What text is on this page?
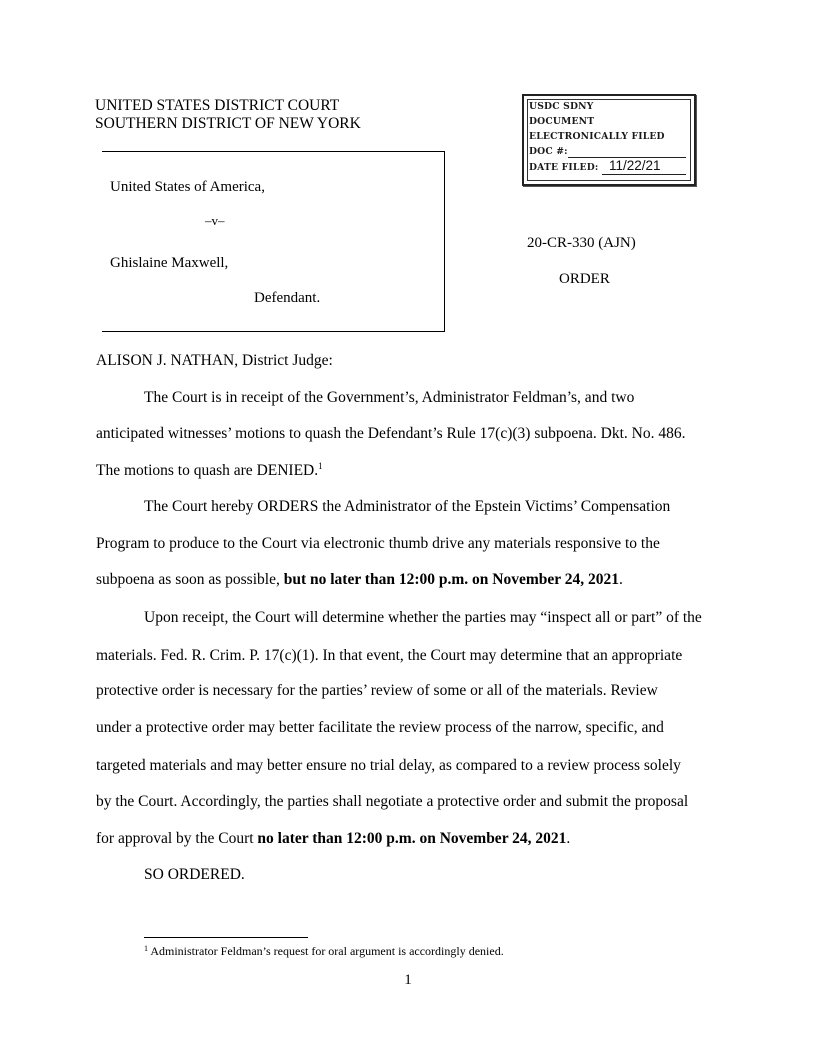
UNITED STATES DISTRICT COURT
SOUTHERN DISTRICT OF NEW YORK
USDC SDNY
DOCUMENT
ELECTRONICALLY FILED
DOC #:
DATE FILED: 11/22/21
United States of America,
–v–
Ghislaine Maxwell,
Defendant.
20-CR-330 (AJN)
ORDER
ALISON J. NATHAN, District Judge:
The Court is in receipt of the Government’s, Administrator Feldman’s, and two
anticipated witnesses’ motions to quash the Defendant’s Rule 17(c)(3) subpoena. Dkt. No. 486.
The motions to quash are DENIED.$^1$
The Court hereby ORDERS the Administrator of the Epstein Victims’ Compensation
Program to produce to the Court via electronic thumb drive any materials responsive to the
subpoena as soon as possible, but no later than 12:00 p.m. on November 24, 2021.
Upon receipt, the Court will determine whether the parties may “inspect all or part” of the
materials. Fed. R. Crim. P. 17(c)(1). In that event, the Court may determine that an appropriate
protective order is necessary for the parties’ review of some or all of the materials. Review
under a protective order may better facilitate the review process of the narrow, specific, and
targeted materials and may better ensure no trial delay, as compared to a review process solely
by the Court. Accordingly, the parties shall negotiate a protective order and submit the proposal
for approval by the Court no later than 12:00 p.m. on November 24, 2021.
SO ORDERED.
$^1$ Administrator Feldman’s request for oral argument is accordingly denied.
1
